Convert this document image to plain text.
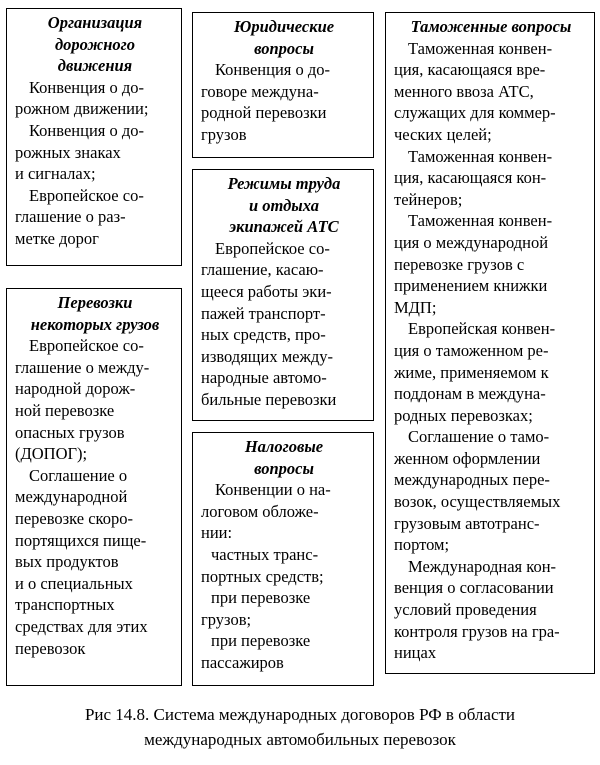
Организация
дорожного
движения
Конвенция о до-
рожном движении;
Конвенция о до-
рожных знаках
и сигналах;
Европейское со-
глашение о раз-
метке дорог
Перевозки
некоторых грузов
Европейское со-
глашение о между-
народной дорож-
ной перевозке
опасных грузов
(ДОПОГ);
Соглашение о
международной
перевозке скоро-
портящихся пище-
вых продуктов
и о специальных
транспортных
средствах для этих
перевозок
Юридические
вопросы
Конвенция о до-
говоре междуна-
родной перевозки
грузов
Режимы труда
и отдыха
экипажей АТС
Европейское со-
глашение, касаю-
щееся работы эки-
пажей транспорт-
ных средств, про-
изводящих между-
народные автомо-
бильные перевозки
Налоговые
вопросы
Конвенции о на-
логовом обложе-
нии:
частных транс-
портных средств;
при перевозке
грузов;
при перевозке
пассажиров
Таможенные вопросы
Таможенная конвен-
ция, касающаяся вре-
менного ввоза АТС,
служащих для коммер-
ческих целей;
Таможенная конвен-
ция, касающаяся кон-
тейнеров;
Таможенная конвен-
ция о международной
перевозке грузов с
применением книжки
МДП;
Европейская конвен-
ция о таможенном ре-
жиме, применяемом к
поддонам в междуна-
родных перевозках;
Соглашение о тамо-
женном оформлении
международных пере-
возок, осуществляемых
грузовым автотранс-
портом;
Международная кон-
венция о согласовании
условий проведения
контроля грузов на гра-
ницах
Рис 14.8. Система международных договоров РФ в области
международных автомобильных перевозок
